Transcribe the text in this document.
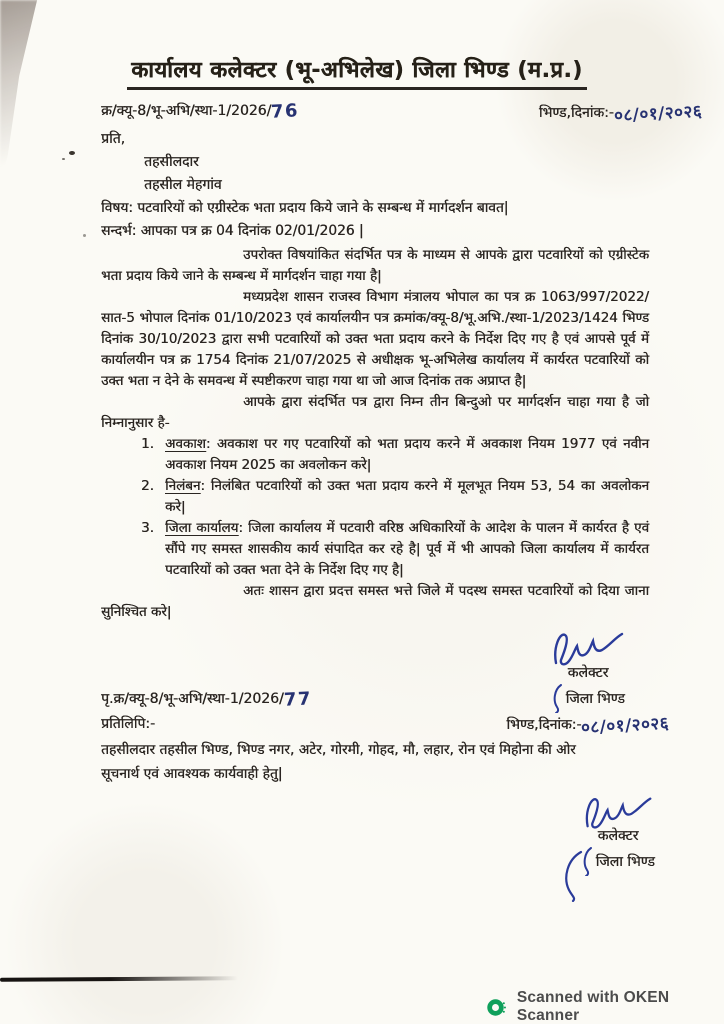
कार्यालय कलेक्टर (भू-अभिलेख) जिला भिण्ड (म.प्र.)
क्र/क्यू-8/भू-अभि/स्था-1/2026/76	भिण्ड,दिनांक:-०८/०१/२०२६
प्रति,
तहसीलदार
तहसील मेहगांव
विषय: पटवारियों को एग्रीस्टेक भता प्रदाय किये जाने के सम्बन्ध में मार्गदर्शन बावत|
सन्दर्भ: आपका पत्र क्र 04 दिनांक 02/01/2026 |

उपरोक्त विषयांकित संदर्भित पत्र के माध्यम से आपके द्वारा पटवारियों को एग्रीस्टेक भता प्रदाय किये जाने के सम्बन्ध में मार्गदर्शन चाहा गया है|

मध्यप्रदेश शासन राजस्व विभाग मंत्रालय भोपाल का पत्र क्र 1063/997/2022/सात-5 भोपाल दिनांक 01/10/2023 एवं कार्यालयीन पत्र क्रमांक/क्यू-8/भू.अभि./स्था-1/2023/1424 भिण्ड दिनांक 30/10/2023 द्वारा सभी पटवारियों को उक्त भता प्रदाय करने के निर्देश दिए गए है एवं आपसे पूर्व में कार्यालयीन पत्र क्र 1754 दिनांक 21/07/2025 से अधीक्षक भू-अभिलेख कार्यालय में कार्यरत पटवारियों को उक्त भता न देने के समवन्ध में स्पष्टीकरण चाहा गया था जो आज दिनांक तक अप्राप्त है|

आपके द्वारा संदर्भित पत्र द्वारा निम्न तीन बिन्दुओ पर मार्गदर्शन चाहा गया है जो निम्नानुसार है-

1. अवकाश: अवकाश पर गए पटवारियों को भता प्रदाय करने में अवकाश नियम 1977 एवं नवीन अवकाश नियम 2025 का अवलोकन करे|
2. निलंबन: निलंबित पटवारियों को उक्त भता प्रदाय करने में मूलभूत नियम 53, 54 का अवलोकन करे|
3. जिला कार्यालय: जिला कार्यालय में पटवारी वरिष्ठ अधिकारियों के आदेश के पालन में कार्यरत है एवं सौंपे गए समस्त शासकीय कार्य संपादित कर रहे है| पूर्व में भी आपको जिला कार्यालय में कार्यरत पटवारियों को उक्त भता देने के निर्देश दिए गए है|

अतः शासन द्वारा प्रदत्त समस्त भत्ते जिले में पदस्थ समस्त पटवारियों को दिया जाना सुनिश्चित करे|

पृ.क्र/क्यू-8/भू-अभि/स्था-1/2026/77
प्रतिलिपि:-
कलेक्टर
जिला भिण्ड
भिण्ड,दिनांक:-०८/०१/२०२६
तहसीलदार तहसील भिण्ड, भिण्ड नगर, अटेर, गोरमी, गोहद, मौ, लहार, रोन एवं मिहोना की ओर
सूचनार्थ एवं आवश्यक कार्यवाही हेतु|
कलेक्टर
जिला भिण्ड
Scanned with OKEN Scanner
